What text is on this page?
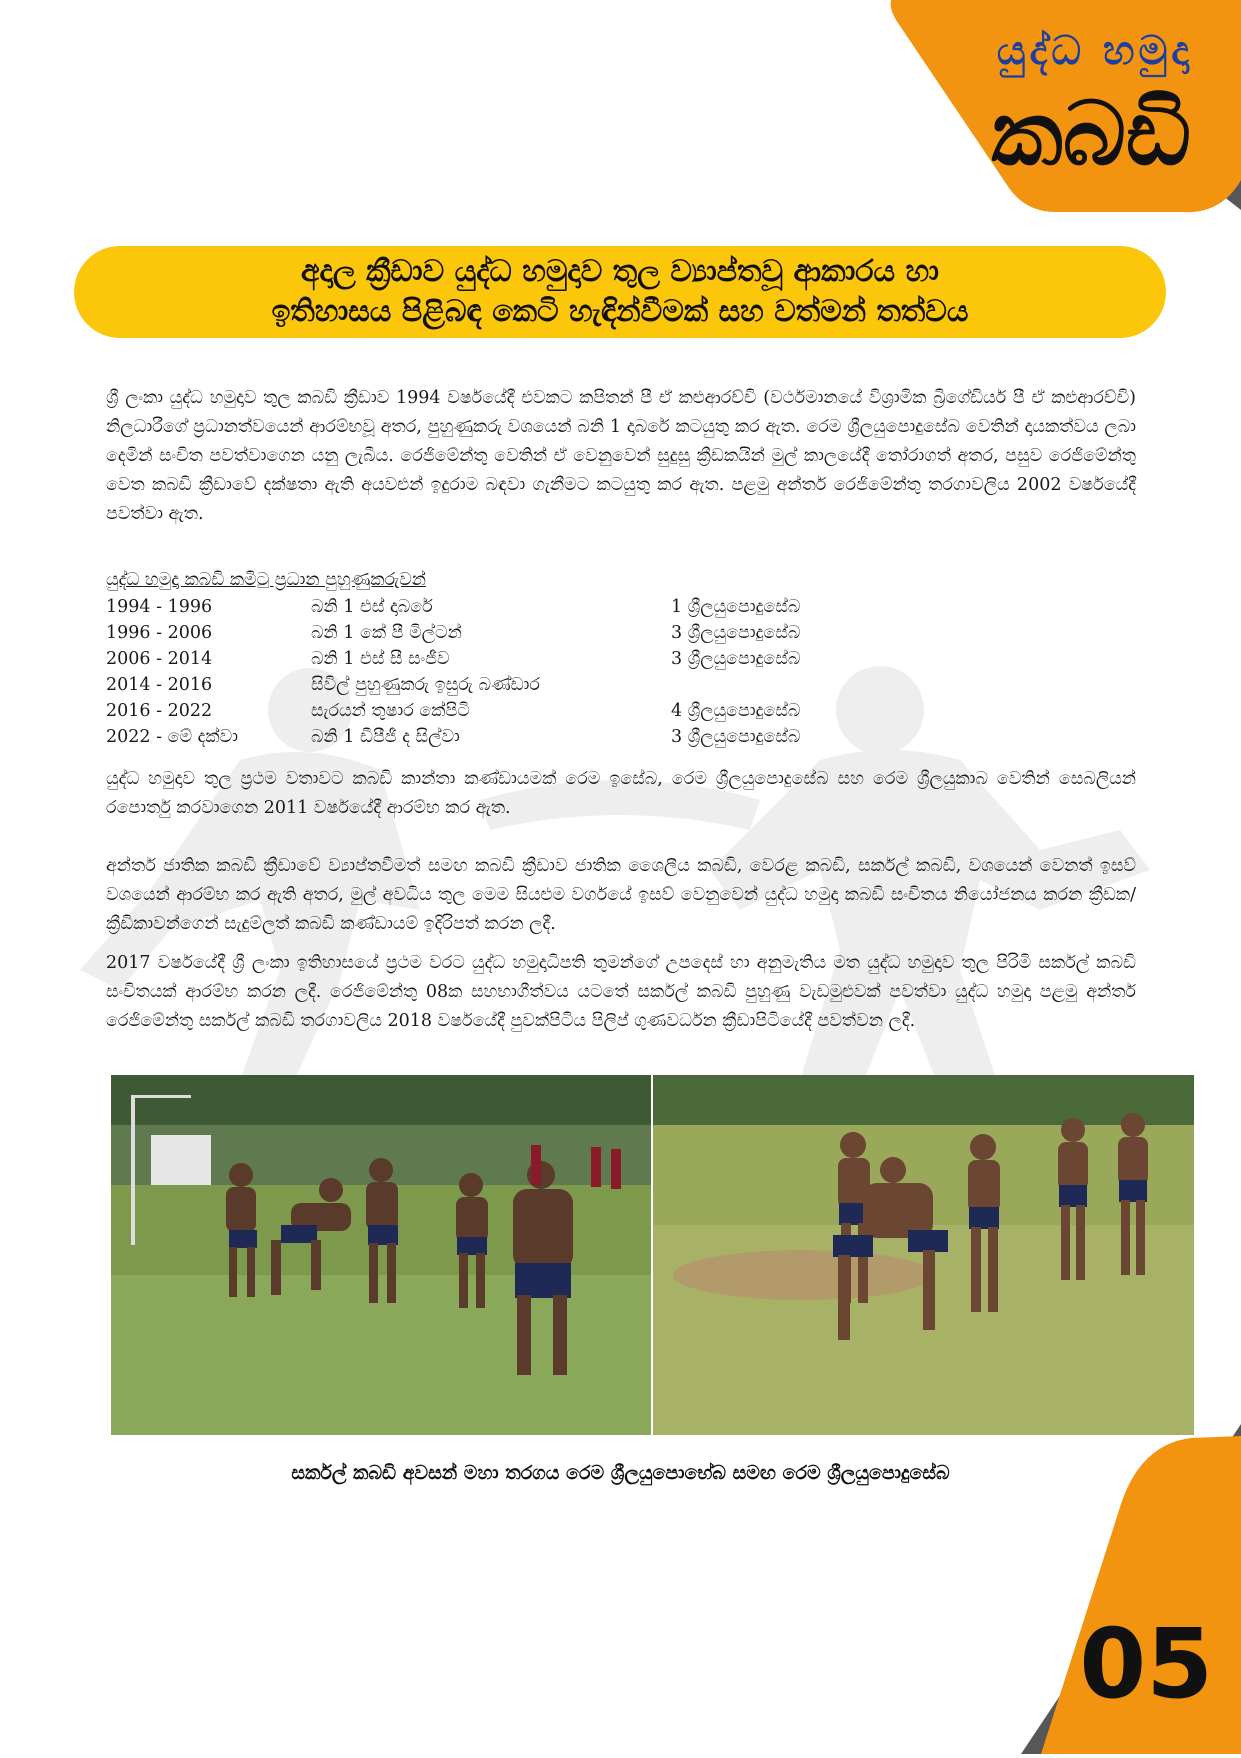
යුද්ධ හමුදා
කබඩි
අදාල ක්‍රීඩාව යුද්ධ හමුදාව තුල ව්‍යාප්තවූ ආකාරය හා
ඉතිහාසය පිළිබඳ කෙටි හැඳින්වීමක් සහ වත්මන් තත්වය
ශ්‍රී ලංකා යුද්ධ හමුදාව තුල කබඩි ක්‍රීඩාව 1994 වර්ෂයේදී එවකට කපිතන් පී ඒ කළුආරච්චි (වර්ථමානයේ විශ්‍රාමික බ්‍රිගේඩියර් පී ඒ කළුආරච්චි) නිලධාරීගේ ප්‍රධානත්වයෙන් ආරම්භවූ අතර, පුහුණුකරු වශයෙන් බනි 1 දාබරේ කටයුතු කර ඇත. රෙම ශ්‍රීලයුපොදුසේබ වෙතින් දායකත්වය ලබා දෙමින් සංචිත පවත්වාගෙන යනු ලැබීය. රෙජිමේන්තු වෙතින් ඒ වෙනුවෙන් සුදුසු ක්‍රීඩකයින් මුල් කාලයේදී තෝරාගත් අතර, පසුව රෙජිමේන්තු වෙත කබඩි ක්‍රීඩාවේ දක්ෂතා ඇති අයවළුන් ඉදුරාම බඳවා ගැනීමට කටයුතු කර ඇත. පළමු අන්තර් රෙජිමේන්තු තරගාවලිය 2002 වර්ෂයේදී පවත්වා ඇත.
යුද්ධ හමුදා කබඩි කමිටු ප්‍රධාන පුහුණුකරුවන්
1994 - 1996	බනි 1 එස් දාබරේ	1 ශ්‍රීලයුපොදුසේබ
1996 - 2006	බනි 1 කේ පී මිල්ටන්	3 ශ්‍රීලයුපොදුසේබ
2006 - 2014	බනි 1 එස් සී සංජීව	3 ශ්‍රීලයුපොදුසේබ
2014 - 2016	සිවිල් පුහුණුකරු ඉසුරු බණ්ඩාර	
2016 - 2022	සැරයන් තුෂාර කේපිටි	4 ශ්‍රීලයුපොදුසේබ
2022 - මේ දක්වා	බනි 1 ඩීපීජී ද සිල්වා	3 ශ්‍රීලයුපොදුසේබ
යුද්ධ හමුදාව තුල ප්‍රථම වතාවට කබඩි කාන්තා කණ්ඩායමක් රෙම ඉසේබ, රෙම ශ්‍රීලයුපොදුසේබ සහ රෙම ශ්‍රීලයුකාබ වෙතින් සෙබලියන් රපොර්තු කරවාගෙන 2011 වර්ෂයේදී ආරම්භ කර ඇත.
අන්තර් ජාතික කබඩි ක්‍රීඩාවේ ව්‍යාප්තවීමත් සමඟ කබඩි ක්‍රීඩාව ජාතික ශෛලීය කබඩි, වෙරළ කබඩි, සර්කල් කබඩි, වශයෙන් වෙනත් ඉසව් වශයෙන් ආරම්භ කර ඇති අතර, මුල් අවධිය තුල මෙම සියළුම වර්ගයේ ඉසව් වෙනුවෙන් යුද්ධ හමුදා කබඩි සංචිතය නියෝජනය කරන ක්‍රීඩක/ක්‍රීඩිකාවන්ගෙන් සැදුම්ලත් කබඩි කණ්ඩායම් ඉදිරිපත් කරන ලදී.
2017 වර්ෂයේදී ශ්‍රී ලංකා ඉතිහාසයේ ප්‍රථම වරට යුද්ධ හමුදාධිපති තුමන්ගේ උපදෙස් හා අනුමැතිය මත යුද්ධ හමුදාව තුල පිරිමි සර්කල් කබඩි සංචිතයක් ආරම්භ කරන ලදී. රෙජිමේන්තු 08ක සහභාගීත්වය යටතේ සර්කල් කබඩි පුහුණු වැඩමුළුවක් පවත්වා යුද්ධ හමුදා පළමු අන්තර් රෙජිමේන්තු සර්කල් කබඩි තරගාවලිය 2018 වර්ෂයේදී පුවක්පිටිය පිලිප් ගුණවර්ධන ක්‍රීඩාපිටියේදී පවත්වන ලදී.
සර්කල් කබඩි අවසන් මහා තරගය රෙම ශ්‍රීලයුපොභේබ සමඟ රෙම ශ්‍රීලයුපොදුසේබ
05
